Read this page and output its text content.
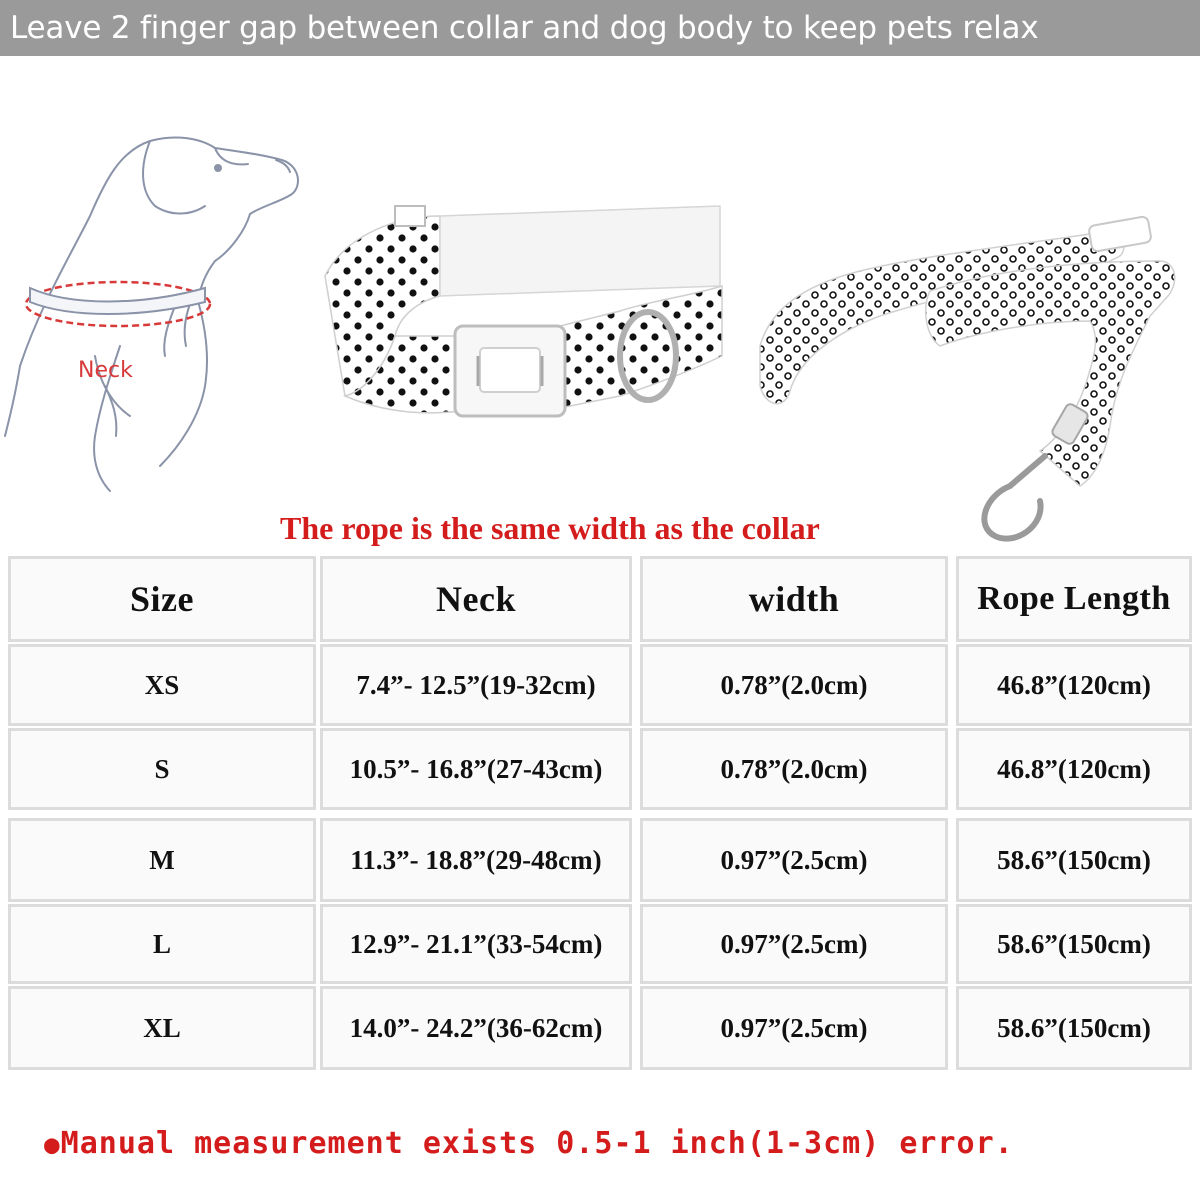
Leave 2 finger gap between collar and dog body to keep pets relax
Neck
The rope is the same width as the collar
Size	Neck	width	Rope Length
XS	7.4”- 12.5”(19-32cm)	0.78”(2.0cm)	46.8”(120cm)
S	10.5”- 16.8”(27-43cm)	0.78”(2.0cm)	46.8”(120cm)
M	11.3”- 18.8”(29-48cm)	0.97”(2.5cm)	58.6”(150cm)
L	12.9”- 21.1”(33-54cm)	0.97”(2.5cm)	58.6”(150cm)
XL	14.0”- 24.2”(36-62cm)	0.97”(2.5cm)	58.6”(150cm)
●Manual measurement exists 0.5-1 inch(1-3cm) error.
